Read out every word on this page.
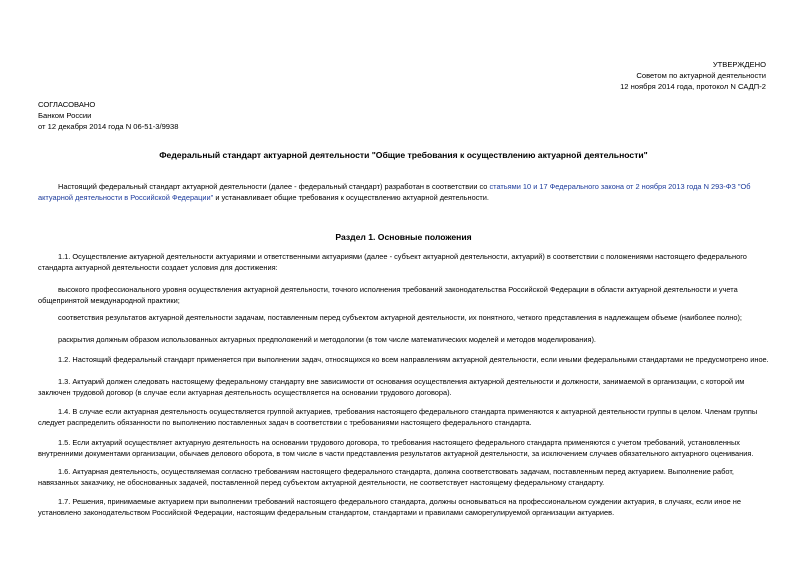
УТВЕРЖДЕНО
Советом по актуарной деятельности
12 ноября 2014 года, протокол N САДП-2
СОГЛАСОВАНО
Банком России
от 12 декабря 2014 года N 06-51-3/9938
Федеральный стандарт актуарной деятельности "Общие требования к осуществлению актуарной деятельности"
Настоящий федеральный стандарт актуарной деятельности (далее - федеральный стандарт) разработан в соответствии со статьями 10 и 17 Федерального закона от 2 ноября 2013 года N 293-ФЗ "Об актуарной деятельности в Российской Федерации" и устанавливает общие требования к осуществлению актуарной деятельности.
Раздел 1. Основные положения

1.1. Осуществление актуарной деятельности актуариями и ответственными актуариями (далее - субъект актуарной деятельности, актуарий) в соответствии с положениями настоящего федерального стандарта актуарной деятельности создает условия для достижения:

высокого профессионального уровня осуществления актуарной деятельности, точного исполнения требований законодательства Российской Федерации в области актуарной деятельности и учета общепринятой международной практики;

соответствия результатов актуарной деятельности задачам, поставленным перед субъектом актуарной деятельности, их понятного, четкого представления в надлежащем объеме (наиболее полно);

раскрытия должным образом использованных актуарных предположений и методологии (в том числе математических моделей и методов моделирования).

1.2. Настоящий федеральный стандарт применяется при выполнении задач, относящихся ко всем направлениям актуарной деятельности, если иными федеральными стандартами не предусмотрено иное.

1.3. Актуарий должен следовать настоящему федеральному стандарту вне зависимости от основания осуществления актуарной деятельности и должности, занимаемой в организации, с которой им заключен трудовой договор (в случае если актуарная деятельность осуществляется на основании трудового договора).

1.4. В случае если актуарная деятельность осуществляется группой актуариев, требования настоящего федерального стандарта применяются к актуарной деятельности группы в целом. Членам группы следует распределить обязанности по выполнению поставленных задач в соответствии с требованиями настоящего федерального стандарта.

1.5. Если актуарий осуществляет актуарную деятельность на основании трудового договора, то требования настоящего федерального стандарта применяются с учетом требований, установленных внутренними документами организации, обычаев делового оборота, в том числе в части представления результатов актуарной деятельности, за исключением случаев обязательного актуарного оценивания.

1.6. Актуарная деятельность, осуществляемая согласно требованиям настоящего федерального стандарта, должна соответствовать задачам, поставленным перед актуарием. Выполнение работ, навязанных заказчику, не обоснованных задачей, поставленной перед субъектом актуарной деятельности, не соответствует настоящему федеральному стандарту.

1.7. Решения, принимаемые актуарием при выполнении требований настоящего федерального стандарта, должны основываться на профессиональном суждении актуария, в случаях, если иное не установлено законодательством Российской Федерации, настоящим федеральным стандартом, стандартами и правилами саморегулируемой организации актуариев.
